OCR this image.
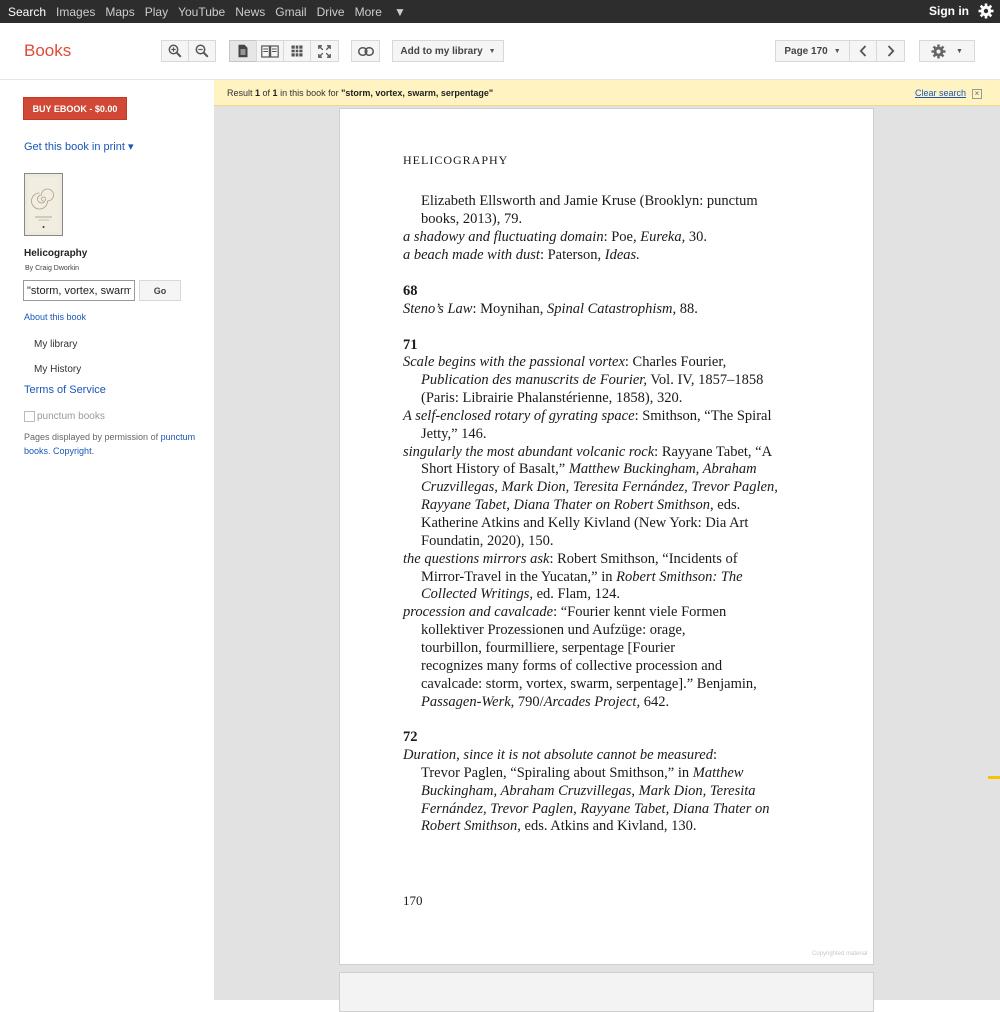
Search Images Maps Play YouTube News Gmail Drive More ▼	Sign in
Books	Add to my library ▼	Page 170 ▼	▼
BUY EBOOK - $0.00
Get this book in print ▾
Helicography
By Craig Dworkin
"storm, vortex, swarm, serpentage"
Go
About this book
My library
My History
Terms of Service
punctum books
Pages displayed by permission of punctum
books. Copyright.
Result 1 of 1 in this book for "storm, vortex, swarm, serpentage"	Clear search	×
HELICOGRAPHY
Elizabeth Ellsworth and Jamie Kruse (Brooklyn: punctum
books, 2013), 79.
a shadowy and fluctuating domain: Poe, Eureka, 30.
a beach made with dust: Paterson, Ideas.
68
Steno’s Law: Moynihan, Spinal Catastrophism, 88.
71
Scale begins with the passional vortex: Charles Fourier,
Publication des manuscrits de Fourier, Vol. IV, 1857–1858
(Paris: Librairie Phalanstérienne, 1858), 320.
A self-enclosed rotary of gyrating space: Smithson, “The Spiral
Jetty,” 146.
singularly the most abundant volcanic rock: Rayyane Tabet, “A
Short History of Basalt,” Matthew Buckingham, Abraham
Cruzvillegas, Mark Dion, Teresita Fernández, Trevor Paglen,
Rayyane Tabet, Diana Thater on Robert Smithson, eds.
Katherine Atkins and Kelly Kivland (New York: Dia Art
Foundatin, 2020), 150.
the questions mirrors ask: Robert Smithson, “Incidents of
Mirror-Travel in the Yucatan,” in Robert Smithson: The
Collected Writings, ed. Flam, 124.
procession and cavalcade: “Fourier kennt viele Formen
kollektiver Prozessionen und Aufzüge: orage,
tourbillon, fourmilliere, serpentage [Fourier
recognizes many forms of collective procession and
cavalcade: storm, vortex, swarm, serpentage].” Benjamin,
Passagen-Werk, 790/Arcades Project, 642.
72
Duration, since it is not absolute cannot be measured:
Trevor Paglen, “Spiraling about Smithson,” in Matthew
Buckingham, Abraham Cruzvillegas, Mark Dion, Teresita
Fernández, Trevor Paglen, Rayyane Tabet, Diana Thater on
Robert Smithson, eds. Atkins and Kivland, 130.
170
Copyrighted material
